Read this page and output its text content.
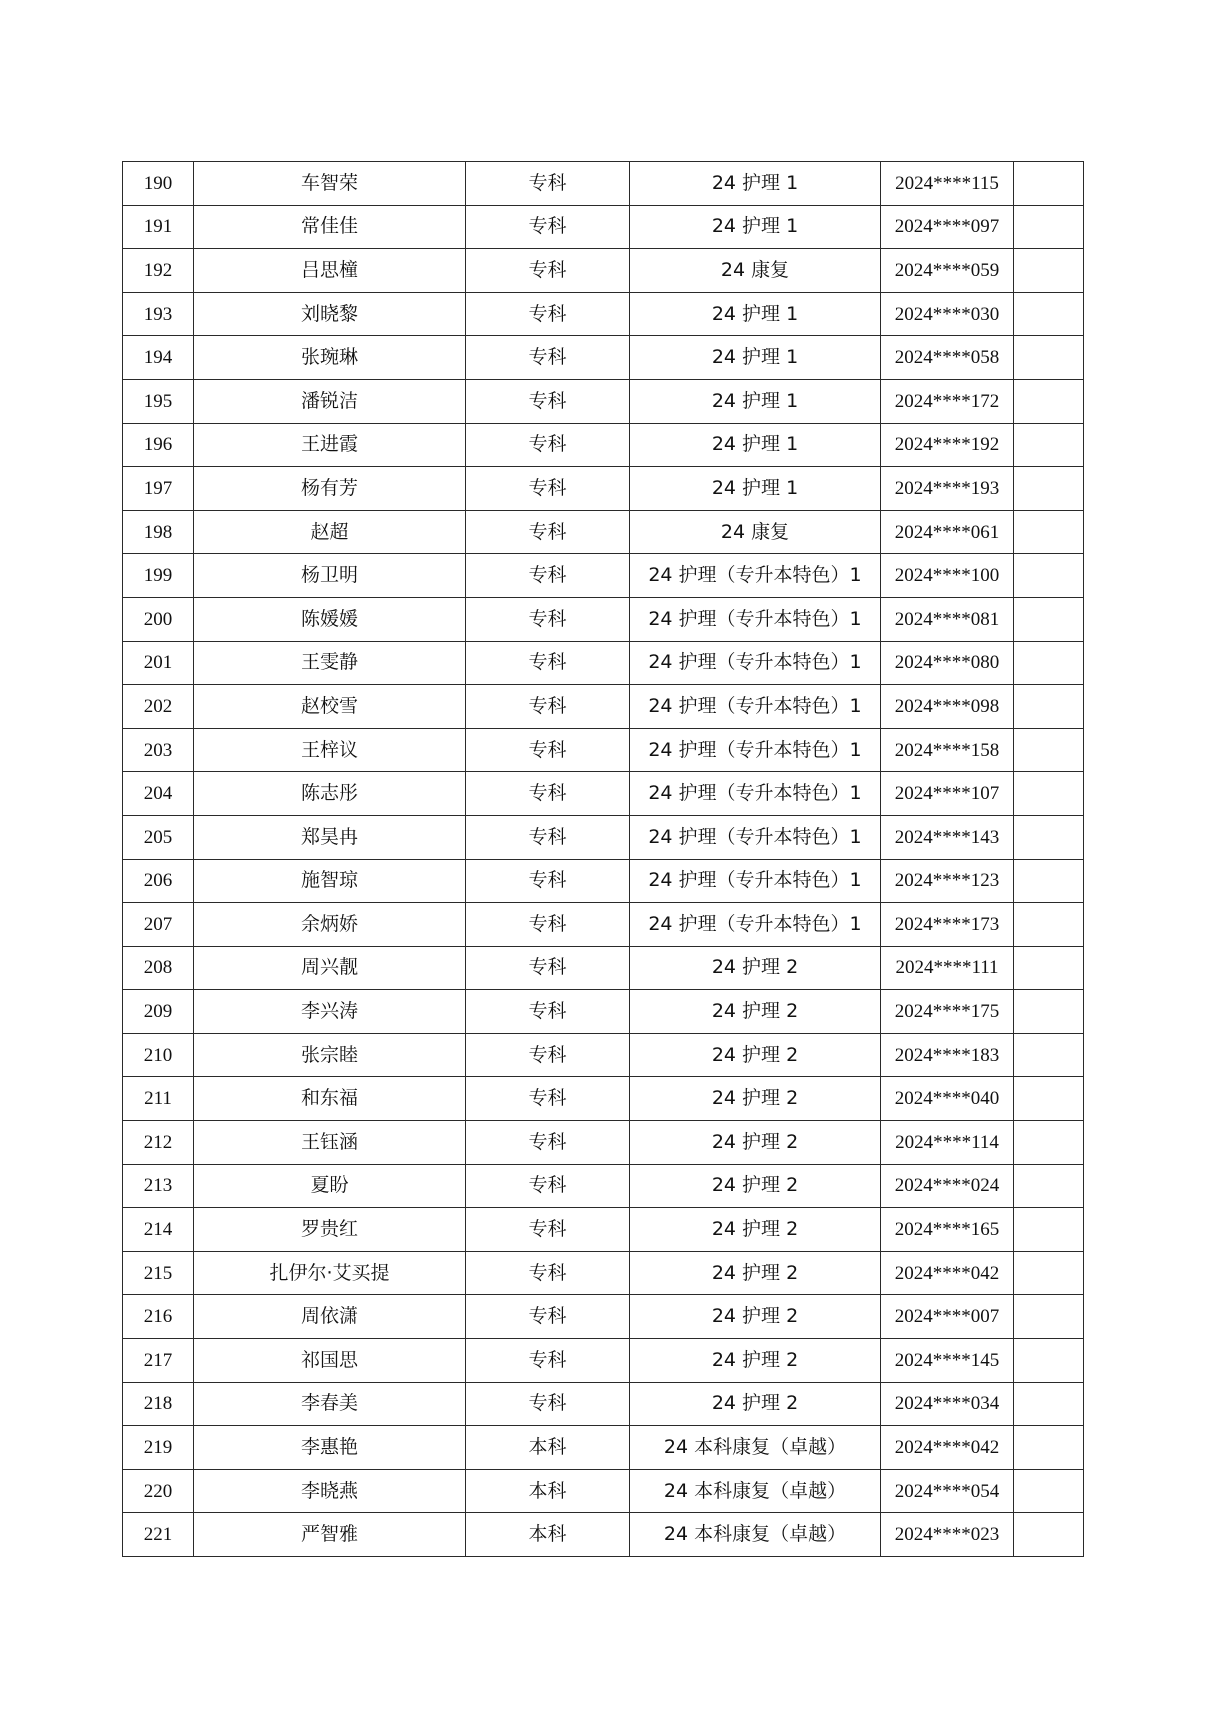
190	车智荣	专科	24 护理 1	2024****115	
191	常佳佳	专科	24 护理 1	2024****097	
192	吕思橦	专科	24 康复	2024****059	
193	刘晓黎	专科	24 护理 1	2024****030	
194	张琬琳	专科	24 护理 1	2024****058	
195	潘锐洁	专科	24 护理 1	2024****172	
196	王进霞	专科	24 护理 1	2024****192	
197	杨有芳	专科	24 护理 1	2024****193	
198	赵超	专科	24 康复	2024****061	
199	杨卫明	专科	24 护理（专升本特色）1	2024****100	
200	陈媛媛	专科	24 护理（专升本特色）1	2024****081	
201	王雯静	专科	24 护理（专升本特色）1	2024****080	
202	赵校雪	专科	24 护理（专升本特色）1	2024****098	
203	王梓议	专科	24 护理（专升本特色）1	2024****158	
204	陈志彤	专科	24 护理（专升本特色）1	2024****107	
205	郑昊冉	专科	24 护理（专升本特色）1	2024****143	
206	施智琼	专科	24 护理（专升本特色）1	2024****123	
207	余炳娇	专科	24 护理（专升本特色）1	2024****173	
208	周兴靓	专科	24 护理 2	2024****111	
209	李兴涛	专科	24 护理 2	2024****175	
210	张宗睦	专科	24 护理 2	2024****183	
211	和东福	专科	24 护理 2	2024****040	
212	王钰涵	专科	24 护理 2	2024****114	
213	夏盼	专科	24 护理 2	2024****024	
214	罗贵红	专科	24 护理 2	2024****165	
215	扎伊尔·艾买提	专科	24 护理 2	2024****042	
216	周依潇	专科	24 护理 2	2024****007	
217	祁国思	专科	24 护理 2	2024****145	
218	李春美	专科	24 护理 2	2024****034	
219	李惠艳	本科	24 本科康复（卓越）	2024****042	
220	李晓燕	本科	24 本科康复（卓越）	2024****054	
221	严智雅	本科	24 本科康复（卓越）	2024****023	
